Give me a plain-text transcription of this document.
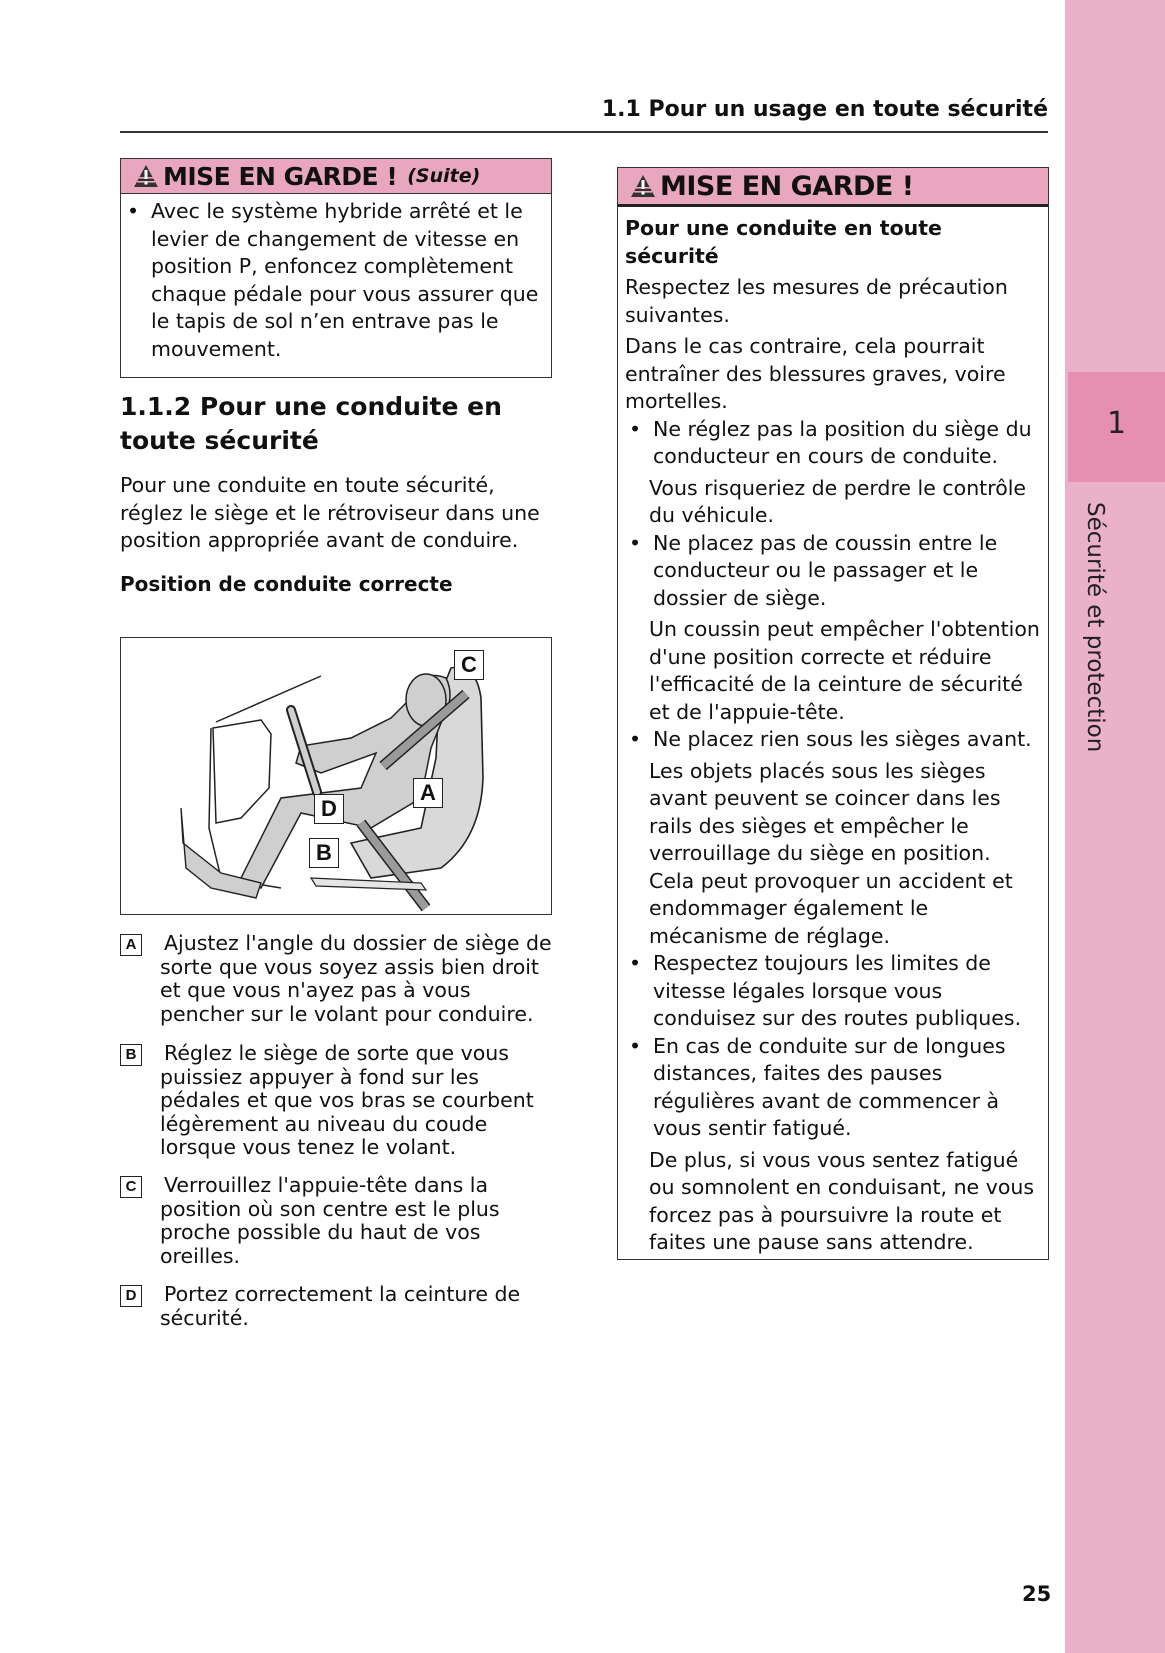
1
Sécurité et protection
1.1 Pour un usage en toute sécurité
MISE EN GARDE ! (Suite)
• Avec le système hybride arrêté et le levier de changement de vitesse en position P, enfoncez complètement chaque pédale pour vous assurer que le tapis de sol n’en entrave pas le mouvement.
1.1.2 Pour une conduite en toute sécurité
Pour une conduite en toute sécurité, réglez le siège et le rétroviseur dans une position appropriée avant de conduire.
Position de conduite correcte
C
A
D
B
A	Ajustez l'angle du dossier de siège de sorte que vous soyez assis bien droit et que vous n'ayez pas à vous pencher sur le volant pour conduire.
B	Réglez le siège de sorte que vous puissiez appuyer à fond sur les pédales et que vos bras se courbent légèrement au niveau du coude lorsque vous tenez le volant.
C	Verrouillez l'appuie-tête dans la position où son centre est le plus proche possible du haut de vos oreilles.
D	Portez correctement la ceinture de sécurité.
MISE EN GARDE !
Pour une conduite en toute sécurité
Respectez les mesures de précaution suivantes.
Dans le cas contraire, cela pourrait entraîner des blessures graves, voire mortelles.
• Ne réglez pas la position du siège du conducteur en cours de conduite.
Vous risqueriez de perdre le contrôle du véhicule.
• Ne placez pas de coussin entre le conducteur ou le passager et le dossier de siège.
Un coussin peut empêcher l'obtention d'une position correcte et réduire l'efficacité de la ceinture de sécurité et de l'appuie-tête.
• Ne placez rien sous les sièges avant.
Les objets placés sous les sièges avant peuvent se coincer dans les rails des sièges et empêcher le verrouillage du siège en position. Cela peut provoquer un accident et endommager également le mécanisme de réglage.
• Respectez toujours les limites de vitesse légales lorsque vous conduisez sur des routes publiques.
• En cas de conduite sur de longues distances, faites des pauses régulières avant de commencer à vous sentir fatigué.
De plus, si vous vous sentez fatigué ou somnolent en conduisant, ne vous forcez pas à poursuivre la route et faites une pause sans attendre.
25
